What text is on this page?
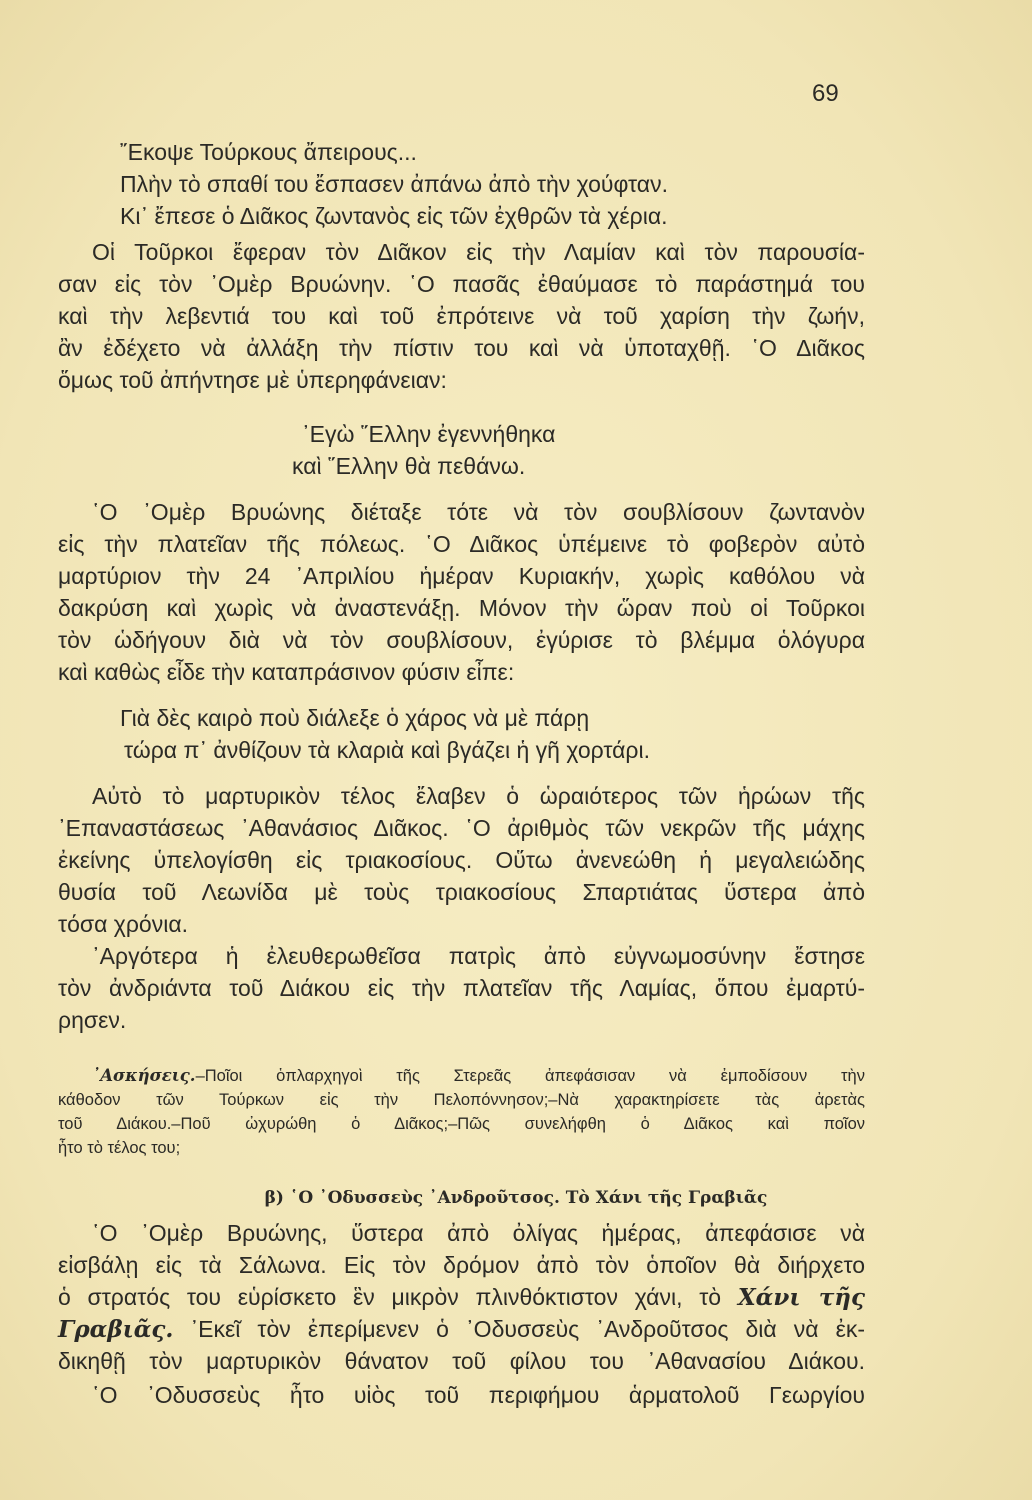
69
῎Εκοψε Τούρκους ἄπειρους...
Πλὴν τὸ σπαθί του ἔσπασεν ἀπάνω ἀπὸ τὴν χούφταν.
Κι᾽ ἔπεσε ὁ Διᾶκος ζωντανὸς εἰς τῶν ἐχθρῶν τὰ χέρια.
Οἱ Τοῦρκοι ἔφεραν τὸν Διᾶκον εἰς τὴν Λαμίαν καὶ τὸν παρουσία-
σαν εἰς τὸν ᾿Ομὲρ Βρυώνην. ῾Ο πασᾶς ἐθαύμασε τὸ παράστημά του
καὶ τὴν λεβεντιά του καὶ τοῦ ἐπρότεινε νὰ τοῦ χαρίση τὴν ζωήν,
ἂν ἐδέχετο νὰ ἀλλάξη τὴν πίστιν του καὶ νὰ ὑποταχθῇ. ῾Ο Διᾶκος
ὅμως τοῦ ἀπήντησε μὲ ὑπερηφάνειαν:
᾿Εγὼ ῞Ελλην ἐγεννήθηκα
καὶ ῞Ελλην θὰ πεθάνω.
῾Ο ᾿Ομὲρ Βρυώνης διέταξε τότε νὰ τὸν σουβλίσουν ζωντανὸν
εἰς τὴν πλατεῖαν τῆς πόλεως. ῾Ο Διᾶκος ὑπέμεινε τὸ φοβερὸν αὐτὸ
μαρτύριον τὴν 24 ᾿Απριλίου ἡμέραν Κυριακήν, χωρὶς καθόλου νὰ
δακρύση καὶ χωρὶς νὰ ἀναστενάξῃ. Μόνον τὴν ὥραν ποὺ οἱ Τοῦρκοι
τὸν ὡδήγουν διὰ νὰ τὸν σουβλίσουν, ἐγύρισε τὸ βλέμμα ὁλόγυρα
καὶ καθὼς εἶδε τὴν καταπράσινον φύσιν εἶπε:
Γιὰ δὲς καιρὸ ποὺ διάλεξε ὁ χάρος νὰ μὲ πάρῃ
τώρα π᾽ ἀνθίζουν τὰ κλαριὰ καὶ βγάζει ἡ γῆ χορτάρι.
Αὐτὸ τὸ μαρτυρικὸν τέλος ἔλαβεν ὁ ὡραιότερος τῶν ἡρώων τῆς
᾿Επαναστάσεως ᾿Αθανάσιος Διᾶκος. ῾Ο ἀριθμὸς τῶν νεκρῶν τῆς μάχης
ἐκείνης ὑπελογίσθη εἰς τριακοσίους. Οὕτω ἀνενεώθη ἡ μεγαλειώδης
θυσία τοῦ Λεωνίδα μὲ τοὺς τριακοσίους Σπαρτιάτας ὕστερα ἀπὸ
τόσα χρόνια.
᾿Αργότερα ἡ ἐλευθερωθεῖσα πατρὶς ἀπὸ εὐγνωμοσύνην ἔστησε
τὸν ἀνδριάντα τοῦ Διάκου εἰς τὴν πλατεῖαν τῆς Λαμίας, ὅπου ἐμαρτύ-
ρησεν.
᾿Ασκήσεις.–Ποῖοι ὁπλαρχηγοὶ τῆς Στερεᾶς ἀπεφάσισαν νὰ ἐμποδίσουν τὴν
κάθοδον τῶν Τούρκων εἰς τὴν Πελοπόννησον;–Νὰ χαρακτηρίσετε τὰς ἀρετὰς
τοῦ Διάκου.–Ποῦ ὠχυρώθη ὁ Διᾶκος;–Πῶς συνελήφθη ὁ Διᾶκος καὶ ποῖον
ἦτο τὸ τέλος του;
β) ῾Ο ᾿Οδυσσεὺς ᾿Ανδροῦτσος. Τὸ Χάνι τῆς Γραβιᾶς
῾Ο ᾿Ομὲρ Βρυώνης, ὕστερα ἀπὸ ὀλίγας ἡμέρας, ἀπεφάσισε νὰ
εἰσβάλῃ εἰς τὰ Σάλωνα. Εἰς τὸν δρόμον ἀπὸ τὸν ὁποῖον θὰ διήρχετο
ὁ στρατός του εὑρίσκετο ἓν μικρὸν πλινθόκτιστον χάνι, τὸ Χάνι τῆς
Γραβιᾶς. ᾿Εκεῖ τὸν ἐπερίμενεν ὁ ᾿Οδυσσεὺς ᾿Ανδροῦτσος διὰ νὰ ἐκ-
δικηθῇ τὸν μαρτυρικὸν θάνατον τοῦ φίλου του ᾿Αθανασίου Διάκου.
῾Ο ᾿Οδυσσεὺς ἦτο υἱὸς τοῦ περιφήμου ἁρματολοῦ Γεωργίου
